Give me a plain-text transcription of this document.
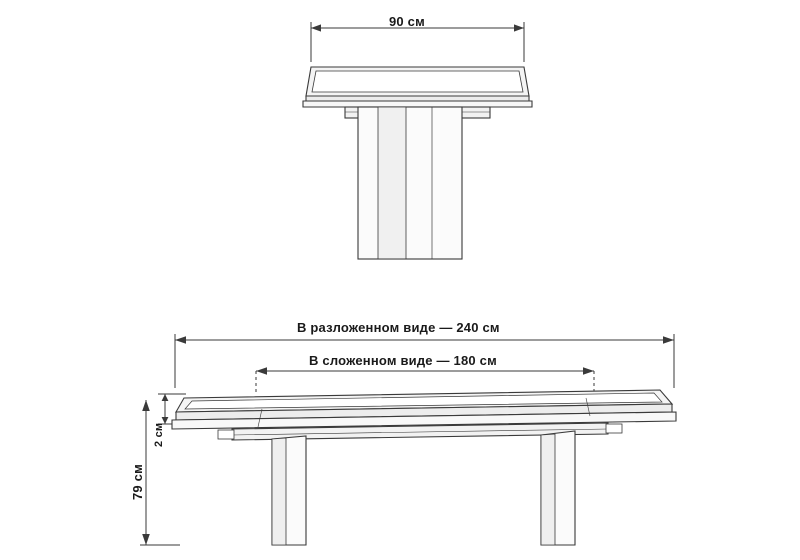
90 см
В разложенном виде — 240 см
В сложенном виде — 180 см
79 см
2 см
